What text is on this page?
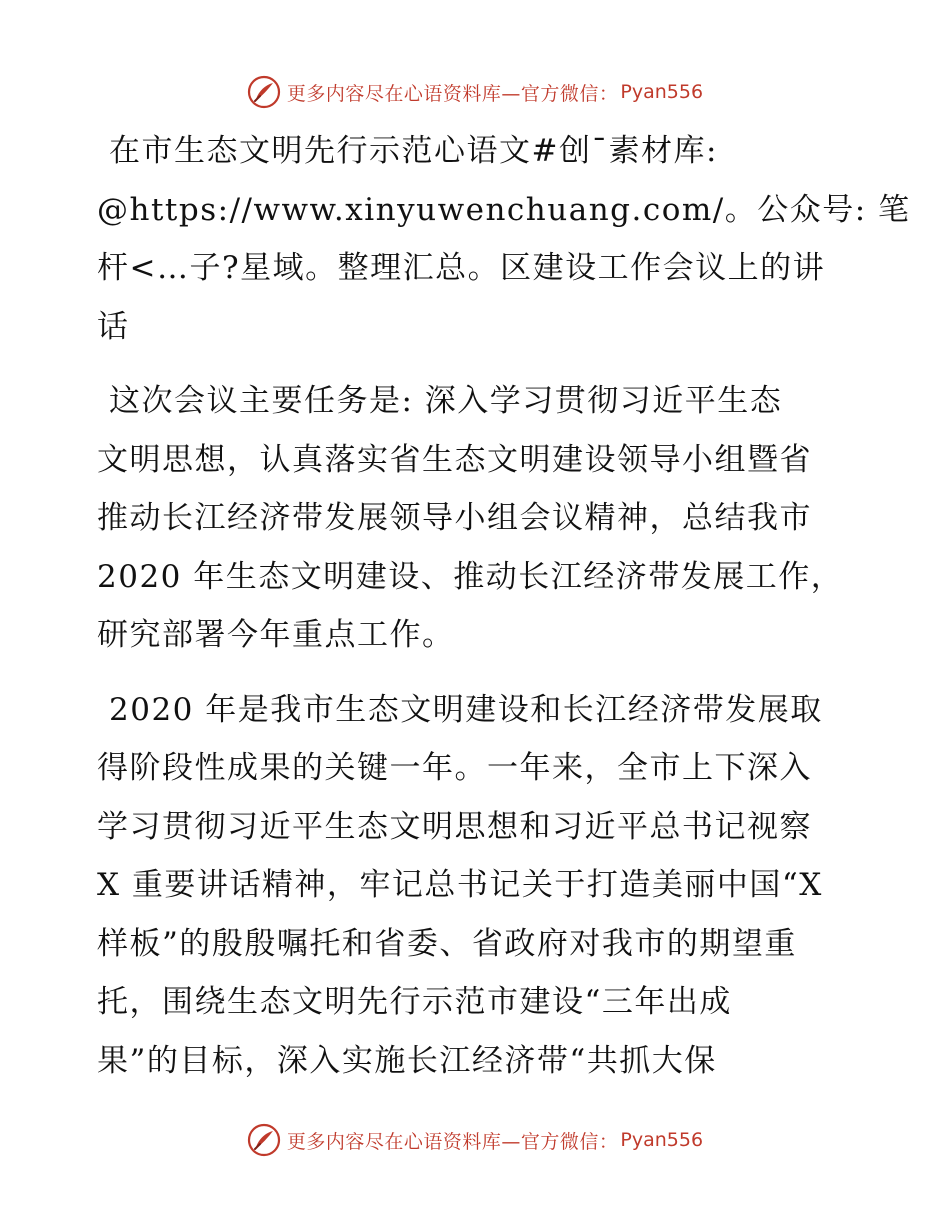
更多内容尽在心语资料库—官方微信： Pyan556
在市生态文明先行示范心语文#创¯素材库:
@https://www.xinyuwenchuang.com/。公众号: 笔
杆<…子?星域。整理汇总。区建设工作会议上的讲
话
这次会议主要任务是: 深入学习贯彻习近平生态
文明思想，认真落实省生态文明建设领导小组暨省
推动长江经济带发展领导小组会议精神，总结我市
2020 年生态文明建设、推动长江经济带发展工作，
研究部署今年重点工作。
2020 年是我市生态文明建设和长江经济带发展取
得阶段性成果的关键一年。一年来，全市上下深入
学习贯彻习近平生态文明思想和习近平总书记视察
X 重要讲话精神，牢记总书记关于打造美丽中国“X
样板”的殷殷嘱托和省委、省政府对我市的期望重
托，围绕生态文明先行示范市建设“三年出成
果”的目标，深入实施长江经济带“共抓大保
更多内容尽在心语资料库—官方微信： Pyan556
